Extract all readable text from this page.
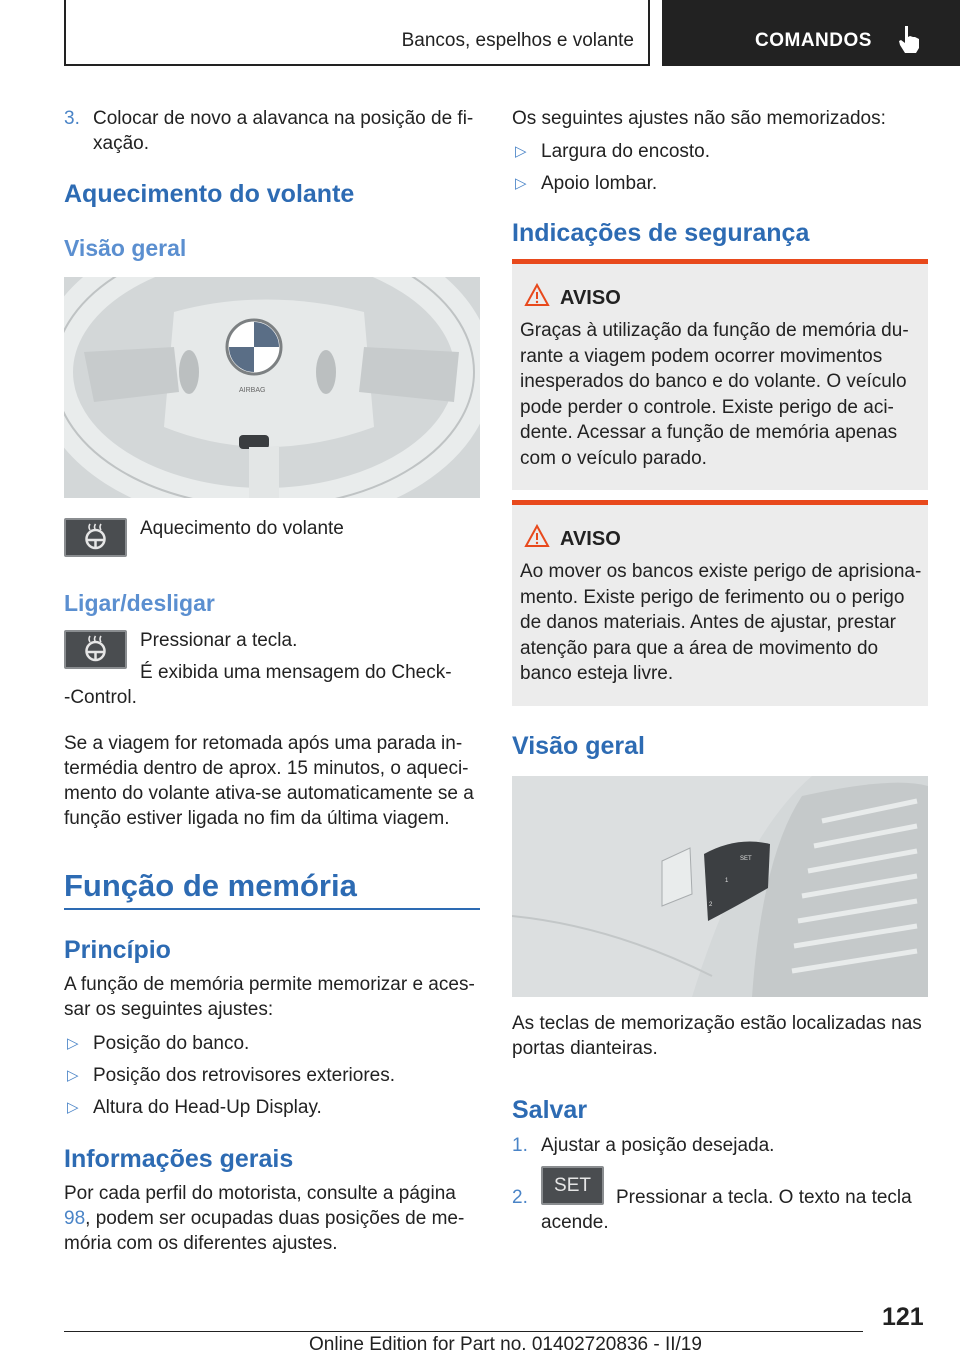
Bancos, espelhos e volante	COMANDOS
3. Colocar de novo a alavanca na posição de fi‐
xação.
Aquecimento do volante
Visão geral
AIRBAG
Aquecimento do volante
Ligar/desligar
Pressionar a tecla.
É exibida uma mensagem do Check‐
‐Control.
Se a viagem for retomada após uma parada in‐
termédia dentro de aprox. 15 minutos, o aqueci‐
mento do volante ativa-se automaticamente se a
função estiver ligada no fim da última viagem.
Função de memória
Princípio
A função de memória permite memorizar e aces‐
sar os seguintes ajustes:
▷ Posição do banco.
▷ Posição dos retrovisores exteriores.
▷ Altura do Head-Up Display.
Informações gerais
Por cada perfil do motorista, consulte a página
98, podem ser ocupadas duas posições de me‐
mória com os diferentes ajustes.
Os seguintes ajustes não são memorizados:
▷ Largura do encosto.
▷ Apoio lombar.
Indicações de segurança
AVISO
Graças à utilização da função de memória du‐
rante a viagem podem ocorrer movimentos
inesperados do banco e do volante. O veículo
pode perder o controle. Existe perigo de aci‐
dente. Acessar a função de memória apenas
com o veículo parado.
AVISO
Ao mover os bancos existe perigo de aprisiona‐
mento. Existe perigo de ferimento ou o perigo
de danos materiais. Antes de ajustar, prestar
atenção para que a área de movimento do
banco esteja livre.
Visão geral
SET
1
2
As teclas de memorização estão localizadas nas
portas dianteiras.
Salvar
1. Ajustar a posição desejada.
2.
SET
Pressionar a tecla. O texto na tecla
acende.
121
Online Edition for Part no. 01402720836 - II/19
